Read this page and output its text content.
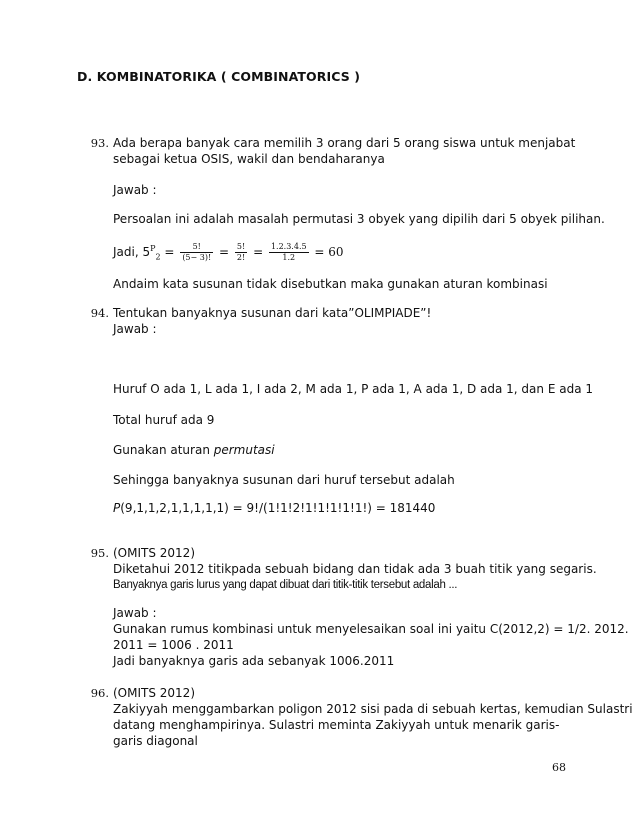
D. KOMBINATORIKA ( COMBINATORICS )
93. Ada berapa banyak cara memilih 3 orang dari 5 orang siswa untuk menjabat
sebagai ketua OSIS, wakil dan bendaharanya
Jawab :
Persoalan ini adalah masalah permutasi 3 obyek yang dipilih dari 5 obyek pilihan.
Jadi, $5^P_2 = \frac{5!}{(5- 3)!} = \frac{5!}{2!} = \frac{1.2.3.4.5}{1.2} = 60$
Andaim kata susunan tidak disebutkan maka gunakan aturan kombinasi
94. Tentukan banyaknya susunan dari kata”OLIMPIADE”!
Jawab :
Huruf O ada 1, L ada 1, I ada 2, M ada 1, P ada 1, A ada 1, D ada 1, dan E ada 1
Total huruf ada 9
Gunakan aturan permutasi
Sehingga banyaknya susunan dari huruf tersebut adalah
P(9,1,1,2,1,1,1,1,1) = 9!/(1!1!2!1!1!1!1!1!) = 181440
95. (OMITS 2012)
Diketahui 2012 titikpada sebuah bidang dan tidak ada 3 buah titik yang segaris.
Banyaknya garis lurus yang dapat dibuat dari titik-titik tersebut adalah ...
Jawab :
Gunakan rumus kombinasi untuk menyelesaikan soal ini yaitu C(2012,2) = 1/2. 2012.
2011 = 1006 . 2011
Jadi banyaknya garis ada sebanyak 1006.2011
96. (OMITS 2012)
Zakiyyah menggambarkan poligon 2012 sisi pada di sebuah kertas, kemudian Sulastri
datang menghampirinya. Sulastri meminta Zakiyyah untuk menarik garis-
garis diagonal
68
